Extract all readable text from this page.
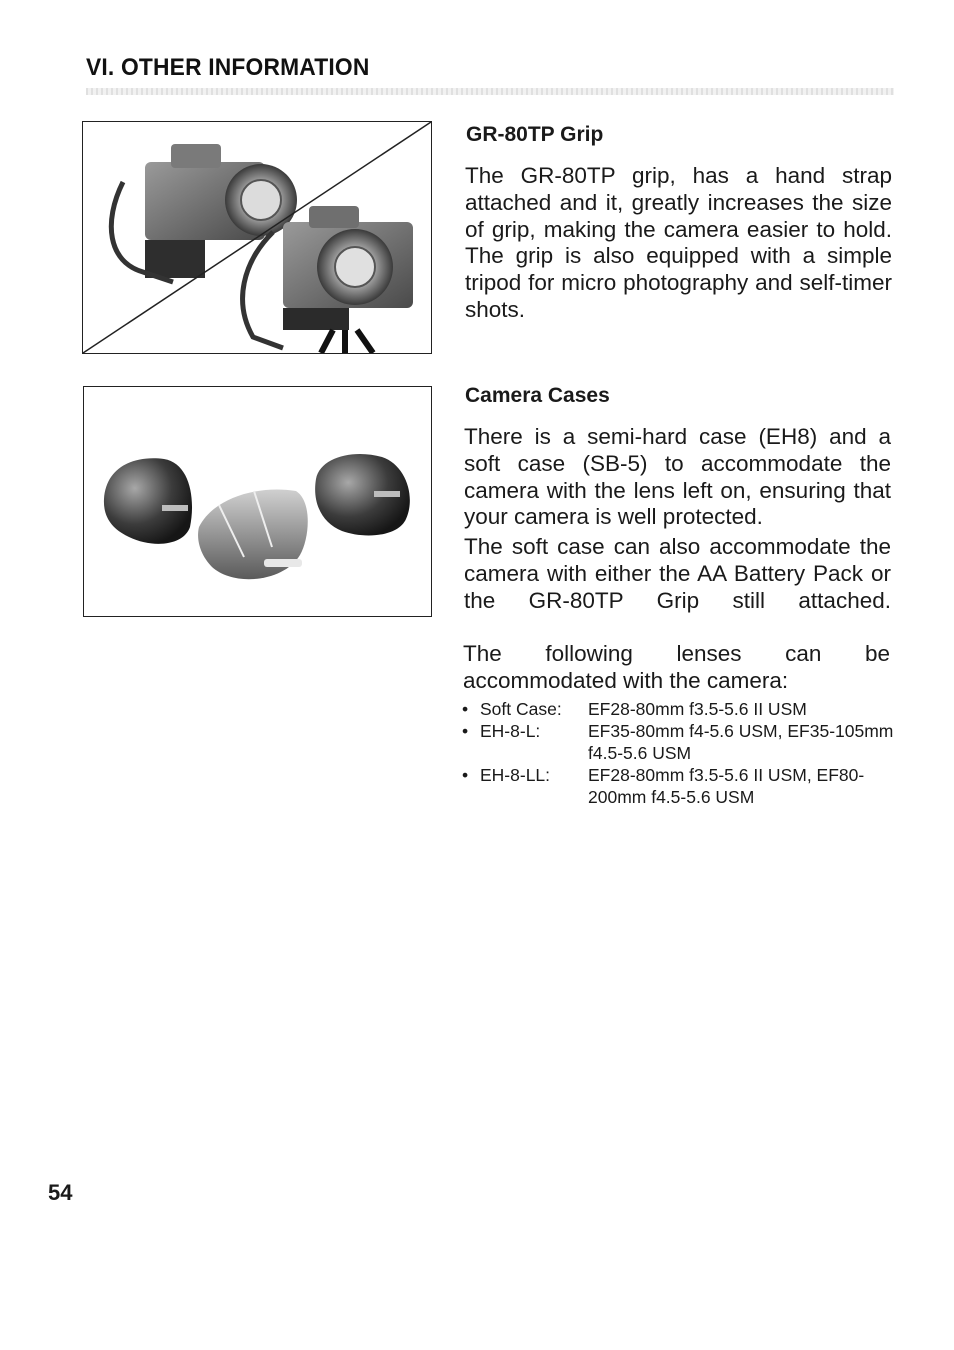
VI. OTHER INFORMATION
GR-80TP Grip

The GR-80TP grip, has a hand strap attached and it, greatly increases the size of grip, making the camera easier to hold. The grip is also equipped with a simple tripod for micro photography and self-timer shots.

Camera Cases

There is a semi-hard case (EH8) and a soft case (SB-5) to accommodate the camera with the lens left on, ensuring that your camera is well protected.

The soft case can also accommodate the camera with either the AA Battery Pack or the GR-80TP Grip still attached.

The following lenses can be accommodated with the camera:

• Soft Case:	EF28-80mm f3.5-5.6 II USM
• EH-8-L:	EF35-80mm f4-5.6 USM, EF35-105mm f4.5-5.6 USM
• EH-8-LL:	EF28-80mm f3.5-5.6 II USM, EF80-200mm f4.5-5.6 USM
54
